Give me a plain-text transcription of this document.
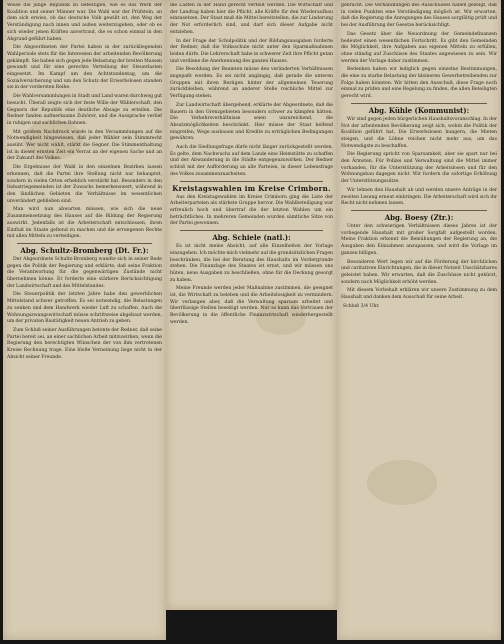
Weise die junge Republik zu befestigen, wie es das Werk der Koalition und seiner Männer war. Die Wahl war der Prüfstein, an dem sich erwies, ob das deutsche Volk gewillt ist, den Weg der Verständigung nach innen und außen weiterzugehen, oder ob es sich wieder jenen Kräften anvertraut, die es schon einmal in den Abgrund geführt haben.

Die Abgeordneten der Partei haben in der zurückliegenden Wahlperiode stets für die Interessen der arbeitenden Bevölkerung gekämpft. Sie haben sich gegen jede Belastung der breiten Massen gewandt und für eine gerechte Verteilung der Steuerlasten eingesetzt. Im Kampf um den Achtstundentag, um die Sozialversicherung und um den Schutz der Erwerbslosen standen sie in der vordersten Reihe.

Die Wahlversammlungen in Stadt und Land waren durchweg gut besucht. Überall zeigte sich der feste Wille der Wählerschaft, den Gegnern der Republik eine deutliche Absage zu erteilen. Die Redner fanden aufmerksame Zuhörer, und die Aussprache verlief in ruhigen und sachlichen Bahnen.

Mit großem Nachdruck wurde in den Versammlungen auf die Notwendigkeit hingewiesen, daß jeder Wähler sein Stimmrecht ausübt. Wer nicht wählt, stärkt die Gegner. Die Stimmenthaltung ist in dieser ernsten Zeit ein Verrat an der eigenen Sache und an der Zukunft des Volkes.

Die Ergebnisse der Wahl in den einzelnen Bezirken lassen erkennen, daß die Partei ihre Stellung nicht nur behauptet, sondern in vielen Orten erheblich verstärkt hat. Besonders in den Industriegemeinden ist der Zuwachs bemerkenswert, während in den ländlichen Gebieten die Verhältnisse im wesentlichen unverändert geblieben sind.

Man wird nun abwarten müssen, wie sich die neue Zusammensetzung des Hauses auf die Bildung der Regierung auswirkt. Jedenfalls ist die Arbeiterschaft entschlossen, ihren Einfluß im Staate geltend zu machen und die errungenen Rechte mit allen Mitteln zu verteidigen.

Abg. Schultz-Bromberg (Dt. Fr.):

Der Abgeordnete Schultz-Bromberg wandte sich in seiner Rede gegen die Politik der Regierung und erklärte, daß seine Fraktion die Verantwortung für die gegenwärtigen Zustände nicht übernehmen könne. Er forderte eine stärkere Berücksichtigung der Landwirtschaft und des Mittelstandes.

Die Steuerpolitik der letzten Jahre habe den gewerblichen Mittelstand schwer getroffen. Es sei notwendig, die Belastungen zu senken und dem Handwerk wieder Luft zu schaffen. Auch die Wohnungszwangswirtschaft müsse schrittweise abgebaut werden, um der privaten Bautätigkeit neuen Antrieb zu geben.

Zum Schluß seiner Ausführungen betonte der Redner, daß seine Partei bereit sei, an einer sachlichen Arbeit mitzuwirken, wenn die Regierung den berechtigten Wünschen der von ihm vertretenen Kreise Rechnung trage. Eine bloße Verneinung liege nicht in der Absicht seiner Freunde.

die Lasten in der Hand gerecht verteilt werden. Die Wirtschaft und der Landtag haben hier die Pflicht, alle Kräfte für den Wiederaufbau einzusetzen. Der Staat muß die Mittel bereitstellen, die zur Linderung der Not erforderlich sind, und darf sich dieser Aufgabe nicht entziehen.

In der Frage der Schulpolitik und der Bildungsausgaben forderte der Redner, daß die Volksschule nicht unter den Sparmaßnahmen leiden dürfe. Die Lehrerschaft habe in schwerer Zeit ihre Pflicht getan und verdiene die Anerkennung des ganzen Hauses.

Die Besoldung der Beamten müsse den veränderten Verhältnissen angepaßt werden. Es sei nicht angängig, daß gerade die unteren Gruppen mit ihren Bezügen hinter der allgemeinen Teuerung zurückbleiben, während an anderer Stelle reichliche Mittel zur Verfügung stehen.

Zur Landwirtschaft übergehend, erklärte der Abgeordnete, daß die Bauern in den Grenzgebieten besonders schwer zu kämpfen hätten. Die Verkehrsverhältnisse seien unzureichend, die Absatzmöglichkeiten beschränkt. Hier müsse der Staat helfend eingreifen, Wege ausbauen und Kredite zu erträglichen Bedingungen gewähren.

Auch die Siedlungsfrage dürfe nicht länger zurückgestellt werden. Es gelte, dem Nachwuchs auf dem Lande eine Heimstätte zu schaffen und der Abwanderung in die Städte entgegenzuwirken. Der Redner schloß mit der Aufforderung an alle Parteien, in dieser Lebensfrage des Volkes zusammenzuarbeiten.

Kreistagswahlen im Kreise Crimborn.

Aus den Kreistagswahlen im Kreise Crimborn ging die Liste der Arbeiterparteien als stärkste Gruppe hervor. Die Wahlbeteiligung war erfreulich hoch und übertraf die der letzten Wahlen um ein beträchtliches. In mehreren Gemeinden wurden sämtliche Sitze von der Partei gewonnen.

Abg. Schiele (natl.):

Es ist nicht meine Absicht, auf alle Einzelheiten der Vorlage einzugehen. Ich möchte mich vielmehr auf die grundsätzlichen Fragen beschränken, die bei der Beratung des Haushalts im Vordergrunde stehen. Die Finanzlage des Staates ist ernst, und wir müssen uns hüten, neue Ausgaben zu beschließen, ohne für die Deckung gesorgt zu haben.

Meine Freunde werden jeder Maßnahme zustimmen, die geeignet ist, die Wirtschaft zu beleben und die Arbeitslosigkeit zu vermindern. Wir verlangen aber, daß die Verwaltung sparsam arbeitet und überflüssige Stellen beseitigt werden. Nur so kann das Vertrauen der Bevölkerung in die öffentliche Finanzwirtschaft wiederhergestellt werden.

gebracht. Die Verhandlungen des Ausschusses haben gezeigt, daß in vielen Punkten eine Verständigung möglich ist. Wir erwarten, daß die Regierung die Anregungen des Hauses sorgfältig prüft und bei der Ausführung der Gesetze berücksichtigt.

Das Gesetz über die Neuordnung der Gemeindefinanzen bedeutet einen wesentlichen Fortschritt. Es gibt den Gemeinden die Möglichkeit, ihre Aufgaben aus eigenen Mitteln zu erfüllen, ohne ständig auf Zuschüsse des Staates angewiesen zu sein. Wir werden der Vorlage daher zustimmen.

Bedenken haben wir lediglich gegen einzelne Bestimmungen, die eine zu starke Belastung der kleineren Gewerbetreibenden zur Folge haben könnten. Wir bitten den Ausschuß, diese Frage noch einmal zu prüfen und eine Regelung zu finden, die allen Beteiligten gerecht wird.

Abg. Kühle (Kommunist):

Wir sind gegen jeden bürgerlichen Haushaltsvoranschlag. In der Not der arbeitenden Bevölkerung zeigt sich, wohin die Politik der Koalition geführt hat. Die Erwerbslosen hungern, die Mieten steigen, und die Löhne reichen nicht mehr aus, um das Notwendigste zu beschaffen.

Die Regierung spricht von Sparsamkeit, aber sie spart nur bei den Ärmsten. Für Polizei und Verwaltung sind die Mittel immer vorhanden, für die Unterstützung der Arbeitslosen und für den Wohnungsbau dagegen nicht. Wir fordern die sofortige Erhöhung der Unterstützungssätze.

Wir lehnen den Haushalt ab und werden unsere Anträge in der zweiten Lesung erneut einbringen. Die Arbeiterschaft wird sich ihr Recht nicht nehmen lassen.

Abg. Boesy (Ztr.):

Unter den schwierigen Verhältnissen dieses Jahres ist der vorliegende Haushalt mit großer Sorgfalt aufgestellt worden. Meine Fraktion erkennt die Bemühungen der Regierung an, die Ausgaben den Einnahmen anzupassen, und wird die Vorlage im ganzen billigen.

Besonderen Wert legen wir auf die Förderung der kirchlichen und caritativen Einrichtungen, die in dieser Notzeit Unschätzbares geleistet haben. Wir erwarten, daß die Zuschüsse nicht gekürzt, sondern nach Möglichkeit erhöht werden.

Mit diesem Vorbehalt erklären wir unsere Zustimmung zu dem Haushalt und danken dem Ausschuß für seine Arbeit.

Schluß 3/4 Uhr.
